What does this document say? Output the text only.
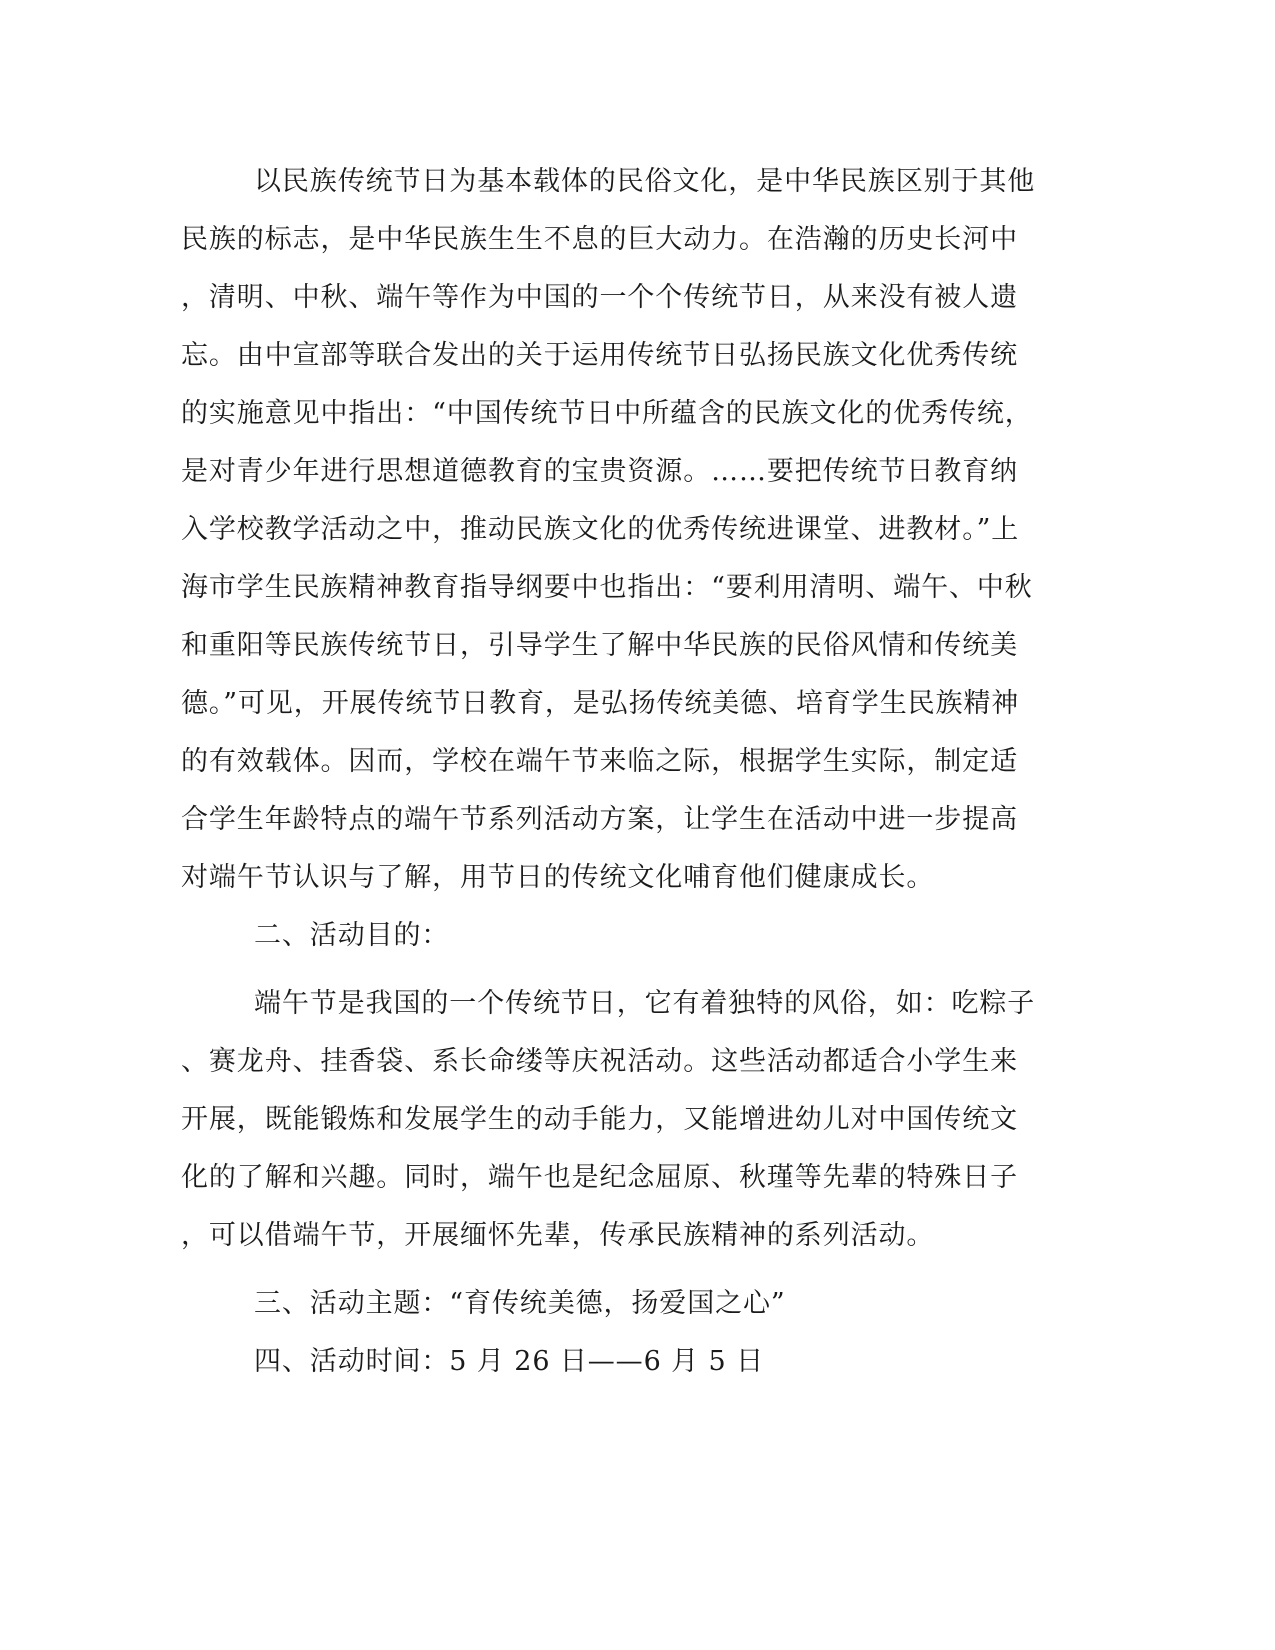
以民族传统节日为基本载体的民俗文化，是中华民族区别于其他
民族的标志，是中华民族生生不息的巨大动力。在浩瀚的历史长河中
，清明、中秋、端午等作为中国的一个个传统节日，从来没有被人遗
忘。由中宣部等联合发出的关于运用传统节日弘扬民族文化优秀传统
的实施意见中指出：“中国传统节日中所蕴含的民族文化的优秀传统，
是对青少年进行思想道德教育的宝贵资源。……要把传统节日教育纳
入学校教学活动之中，推动民族文化的优秀传统进课堂、进教材。”上
海市学生民族精神教育指导纲要中也指出：“要利用清明、端午、中秋
和重阳等民族传统节日，引导学生了解中华民族的民俗风情和传统美
德。”可见，开展传统节日教育，是弘扬传统美德、培育学生民族精神
的有效载体。因而，学校在端午节来临之际，根据学生实际，制定适
合学生年龄特点的端午节系列活动方案，让学生在活动中进一步提高
对端午节认识与了解，用节日的传统文化哺育他们健康成长。
二、活动目的：
端午节是我国的一个传统节日，它有着独特的风俗，如：吃粽子
、赛龙舟、挂香袋、系长命缕等庆祝活动。这些活动都适合小学生来
开展，既能锻炼和发展学生的动手能力，又能增进幼儿对中国传统文
化的了解和兴趣。同时，端午也是纪念屈原、秋瑾等先辈的特殊日子
，可以借端午节，开展缅怀先辈，传承民族精神的系列活动。
三、活动主题：“育传统美德，扬爱国之心”
四、活动时间：5 月 26 日——6 月 5 日
